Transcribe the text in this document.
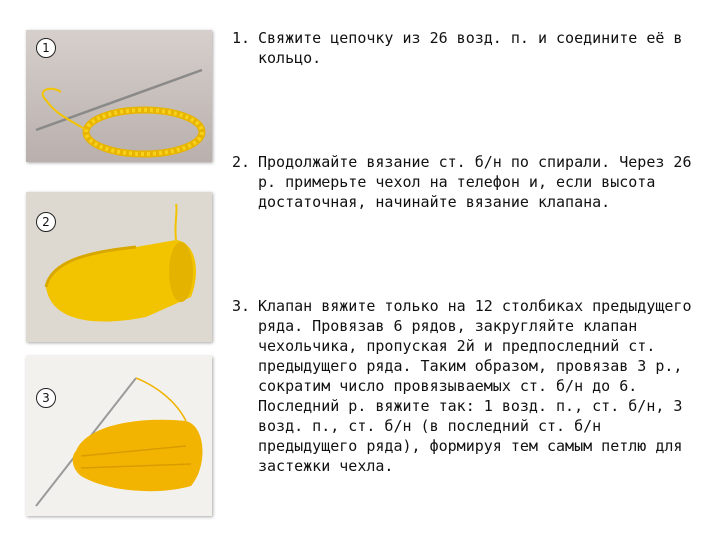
1
2
3

1. Свяжите цепочку из 26 возд. п. и соедините её в кольцо.

2. Продолжайте вязание ст. б/н по спирали. Через 26 р. примерьте чехол на телефон и, если высота достаточная, начинайте вязание клапана.

3. Клапан вяжите только на 12 столбиках предыдущего ряда. Провязав 6 рядов, закругляйте клапан чехольчика, пропуская 2й и предпоследний ст. предыдущего ряда. Таким образом, провязав 3 р., сократим число провязываемых ст. б/н до 6. Последний р. вяжите так: 1 возд. п., ст. б/н, 3 возд. п., ст. б/н (в последний ст. б/н предыдущего ряда), формируя тем самым петлю для застежки чехла.
